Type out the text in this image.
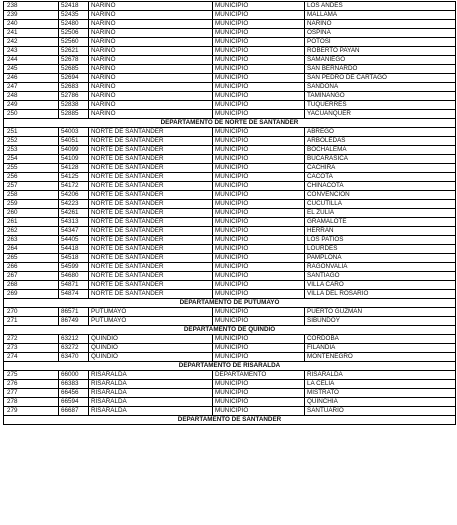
238	52418	NARIÑO	MUNICIPIO	LOS ANDES
239	52435	NARIÑO	MUNICIPIO	MALLAMA
240	52480	NARIÑO	MUNICIPIO	NARIÑO
241	52506	NARIÑO	MUNICIPIO	OSPINA
242	52560	NARIÑO	MUNICIPIO	POTOSI
243	52621	NARIÑO	MUNICIPIO	ROBERTO PAYAN
244	52678	NARIÑO	MUNICIPIO	SAMANIEGO
245	52685	NARIÑO	MUNICIPIO	SAN BERNARDO
246	52694	NARIÑO	MUNICIPIO	SAN PEDRO DE CARTAGO
247	52683	NARIÑO	MUNICIPIO	SANDONA
248	52786	NARIÑO	MUNICIPIO	TAMINANGO
249	52838	NARIÑO	MUNICIPIO	TUQUERRES
250	52885	NARIÑO	MUNICIPIO	YACUANQUER
DEPARTAMENTO DE NORTE DE SANTANDER				
251	54003	NORTE DE SANTANDER	MUNICIPIO	ABREGO
252	54051	NORTE DE SANTANDER	MUNICIPIO	ARBOLEDAS
253	54099	NORTE DE SANTANDER	MUNICIPIO	BOCHALEMA
254	54109	NORTE DE SANTANDER	MUNICIPIO	BUCARASICA
255	54128	NORTE DE SANTANDER	MUNICIPIO	CACHIRA
256	54125	NORTE DE SANTANDER	MUNICIPIO	CACOTA
257	54172	NORTE DE SANTANDER	MUNICIPIO	CHINACOTA
258	54206	NORTE DE SANTANDER	MUNICIPIO	CONVENCION
259	54223	NORTE DE SANTANDER	MUNICIPIO	CUCUTILLA
260	54261	NORTE DE SANTANDER	MUNICIPIO	EL ZULIA
261	54313	NORTE DE SANTANDER	MUNICIPIO	GRAMALOTE
262	54347	NORTE DE SANTANDER	MUNICIPIO	HERRAN
263	54405	NORTE DE SANTANDER	MUNICIPIO	LOS PATIOS
264	54418	NORTE DE SANTANDER	MUNICIPIO	LOURDES
265	54518	NORTE DE SANTANDER	MUNICIPIO	PAMPLONA
266	54599	NORTE DE SANTANDER	MUNICIPIO	RAGONVALIA
267	54680	NORTE DE SANTANDER	MUNICIPIO	SANTIAGO
268	54871	NORTE DE SANTANDER	MUNICIPIO	VILLA CARO
269	54874	NORTE DE SANTANDER	MUNICIPIO	VILLA DEL ROSARIO
DEPARTAMENTO DE PUTUMAYO				
270	86571	PUTUMAYO	MUNICIPIO	PUERTO GUZMAN
271	86749	PUTUMAYO	MUNICIPIO	SIBUNDOY
DEPARTAMENTO DE QUINDIO				
272	63212	QUINDIO	MUNICIPIO	CORDOBA
273	63272	QUINDIO	MUNICIPIO	FILANDIA
274	63470	QUINDIO	MUNICIPIO	MONTENEGRO
DEPARTAMENTO DE RISARALDA				
275	66000	RISARALDA	DEPARTAMENTO	RISARALDA
276	66383	RISARALDA	MUNICIPIO	LA CELIA
277	66456	RISARALDA	MUNICIPIO	MISTRATO
278	66594	RISARALDA	MUNICIPIO	QUINCHIA
279	66687	RISARALDA	MUNICIPIO	SANTUARIO
DEPARTAMENTO DE SANTANDER				
